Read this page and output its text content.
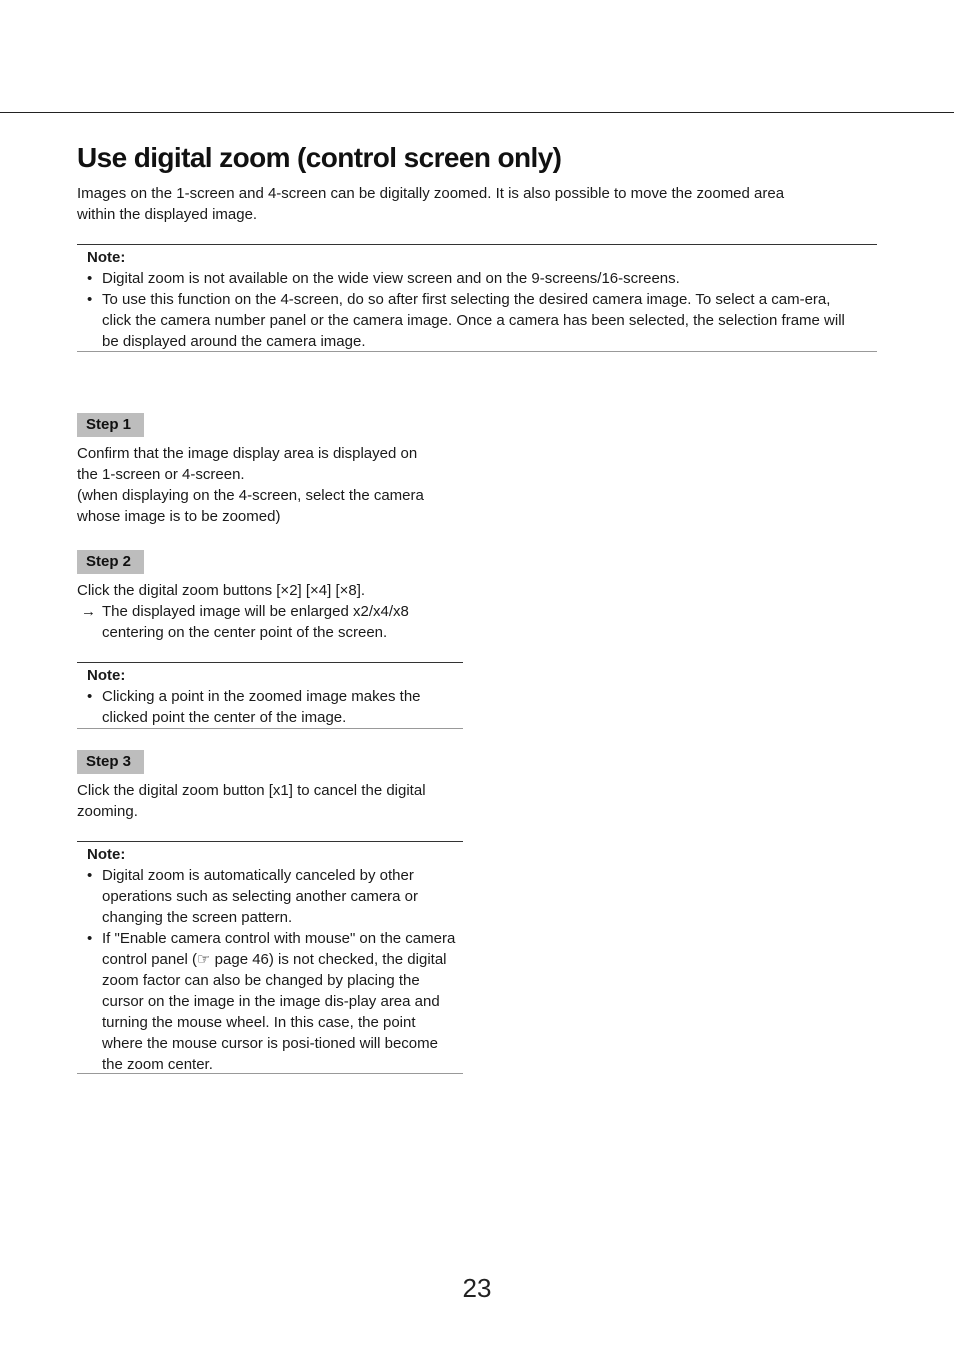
Use digital zoom (control screen only)

Images on the 1-screen and 4-screen can be digitally zoomed. It is also possible to move the zoomed area

within the displayed image.

Note:

• Digital zoom is not available on the wide view screen and on the 9-screens/16-screens.
• To use this function on the 4-screen, do so after first selecting the desired camera image. To select a cam-era, click the camera number panel or the camera image. Once a camera has been selected, the selection frame will be displayed around the camera image.
Step 1

Confirm that the image display area is displayed on

the 1-screen or 4-screen.

(when displaying on the 4-screen, select the camera

whose image is to be zoomed)

Step 2

Click the digital zoom buttons [×2] [×4] [×8].

→ The displayed image will be enlarged x2/x4/x8 centering on the center point of the screen.

Note:

• Clicking a point in the zoomed image makes the clicked point the center of the image.
Step 3

Click the digital zoom button [x1] to cancel the digital zooming.

Note:

• Digital zoom is automatically canceled by other operations such as selecting another camera or changing the screen pattern.
• If "Enable camera control with mouse" on the camera control panel (☞ page 46) is not checked, the digital zoom factor can also be changed by placing the cursor on the image in the image dis-play area and turning the mouse wheel. In this case, the point where the mouse cursor is posi-tioned will become the zoom center.
23
